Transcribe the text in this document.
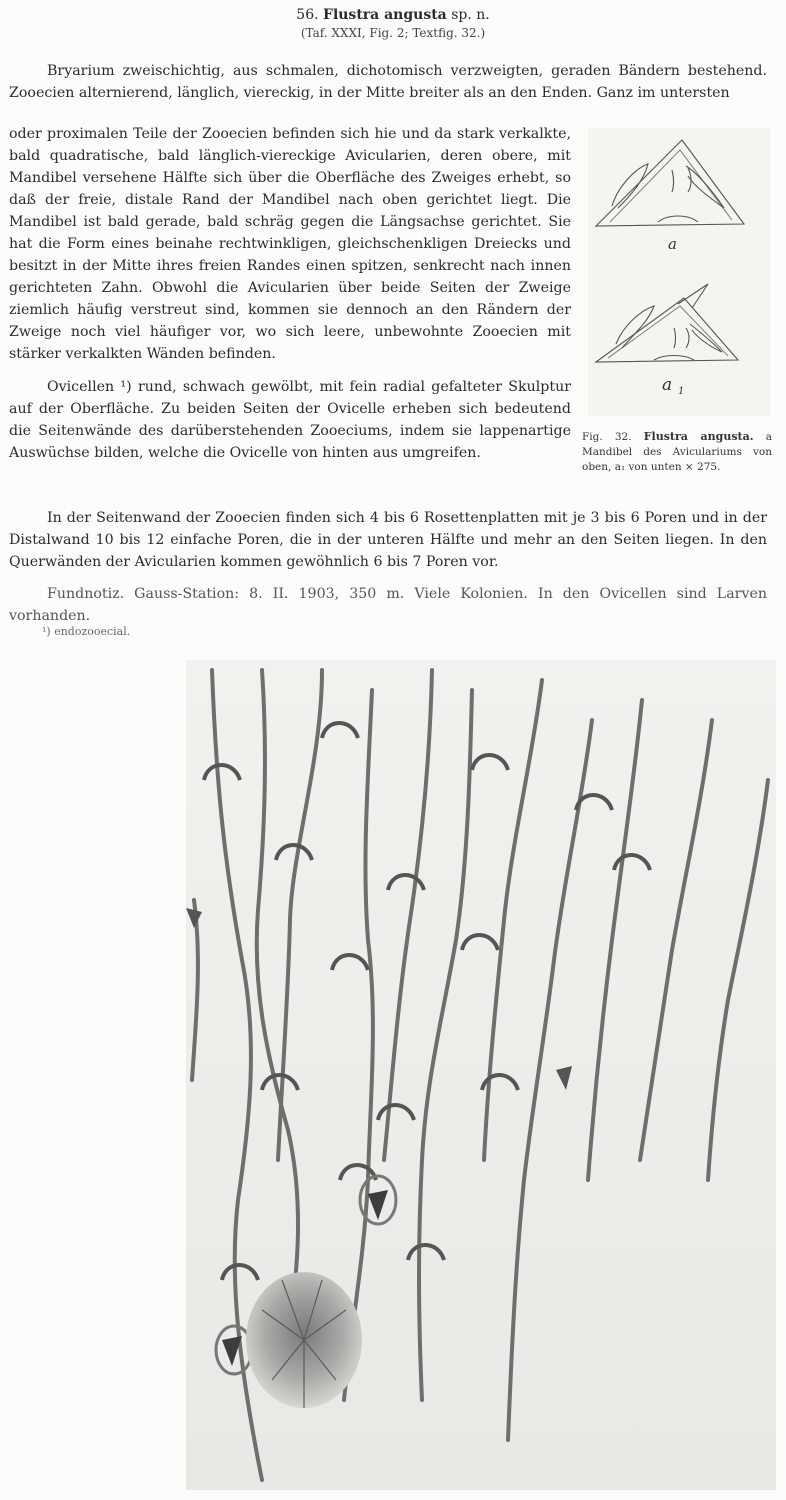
56. Flustra angusta sp. n.
(Taf. XXXI, Fig. 2; Textfig. 32.)

Bryarium zweischichtig, aus schmalen, dichotomisch verzweigten, geraden Bändern bestehend. Zooecien alternierend, länglich, viereckig, in der Mitte breiter als an den Enden. Ganz im untersten

oder proximalen Teile der Zooecien befinden sich hie und da stark verkalkte, bald quadratische, bald länglich-viereckige Avicularien, deren obere, mit Mandibel versehene Hälfte sich über die Oberfläche des Zweiges erhebt, so daß der freie, distale Rand der Mandibel nach oben gerichtet liegt. Die Mandibel ist bald gerade, bald schräg gegen die Längsachse gerichtet. Sie hat die Form eines beinahe rechtwinkligen, gleichschenkligen Dreiecks und besitzt in der Mitte ihres freien Randes einen spitzen, senkrecht nach innen gerichteten Zahn. Obwohl die Avicularien über beide Seiten der Zweige ziemlich häufig verstreut sind, kommen sie dennoch an den Rändern der Zweige noch viel häufiger vor, wo sich leere, unbewohnte Zooecien mit stärker verkalkten Wänden befinden.

Ovicellen ¹) rund, schwach gewölbt, mit fein radial gefalteter Skulptur auf der Oberfläche. Zu beiden Seiten der Ovicelle erheben sich bedeutend die Seitenwände des darüberstehenden Zooeciums, indem sie lappenartige Auswüchse bilden, welche die Ovicelle von hinten aus umgreifen.

a
a 1
Fig. 32. Flustra angusta. a Mandibel des Aviculariums von oben, a₁ von unten × 275.

In der Seitenwand der Zooecien finden sich 4 bis 6 Rosettenplatten mit je 3 bis 6 Poren und in der Distalwand 10 bis 12 einfache Poren, die in der unteren Hälfte und mehr an den Seiten liegen. In den Querwänden der Avicularien kommen gewöhnlich 6 bis 7 Poren vor.

Fundnotiz. Gauss-Station: 8. II. 1903, 350 m. Viele Kolonien. In den Ovicellen sind Larven vorhanden.

¹) endozooecial.
